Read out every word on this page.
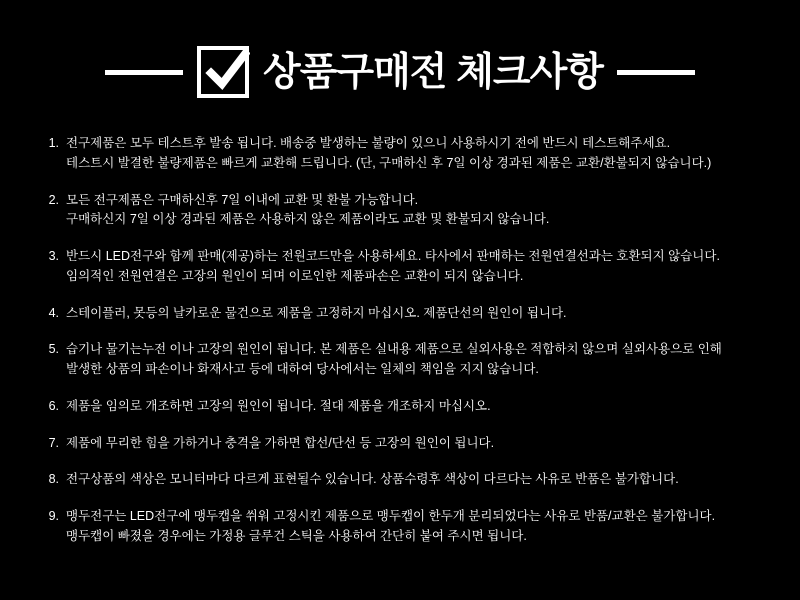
상품구매전 체크사항
1. 전구제품은 모두 테스트후 발송 됩니다. 배송중 발생하는 불량이 있으니 사용하시기 전에 반드시 테스트해주세요.
테스트시 발결한 불량제품은 빠르게 교환해 드립니다. (단, 구매하신 후 7일 이상 경과된 제품은 교환/환불되지 않습니다.)
2. 모든 전구제품은 구매하신후 7일 이내에 교환 및 환불 가능합니다.
구매하신지 7일 이상 경과된 제품은 사용하지 않은 제품이라도 교환 및 환불되지 않습니다.
3. 반드시 LED전구와 함께 판매(제공)하는 전원코드만을 사용하세요. 타사에서 판매하는 전원연결선과는 호환되지 않습니다.
임의적인 전원연결은 고장의 원인이 되며 이로인한 제품파손은 교환이 되지 않습니다.
4. 스테이플러, 못등의 날카로운 물건으로 제품을 고정하지 마십시오. 제품단선의 원인이 됩니다.
5. 습기나 물기는누전 이나 고장의 원인이 됩니다. 본 제품은 실내용 제품으로 실외사용은 적합하치 않으며 실외사용으로 인해
발생한 상품의 파손이나 화재사고 등에 대하여 당사에서는 일체의 책임을 지지 않습니다.
6. 제품을 임의로 개조하면 고장의 원인이 됩니다. 절대 제품을 개조하지 마십시오.
7. 제품에 무리한 힘을 가하거나 충격을 가하면 합선/단선 등 고장의 원인이 됩니다.
8. 전구상품의 색상은 모니터마다 다르게 표현될수 있습니다. 상품수령후 색상이 다르다는 사유로 반품은 불가합니다.
9. 맹두전구는 LED전구에 맹두캡을 쒸워 고정시킨 제품으로 맹두캡이 한두개 분리되었다는 사유로 반품/교환은 불가합니다.
맹두캡이 빠졌을 경우에는 가정용 글루건 스틱을 사용하여 간단히 붙여 주시면 됩니다.
